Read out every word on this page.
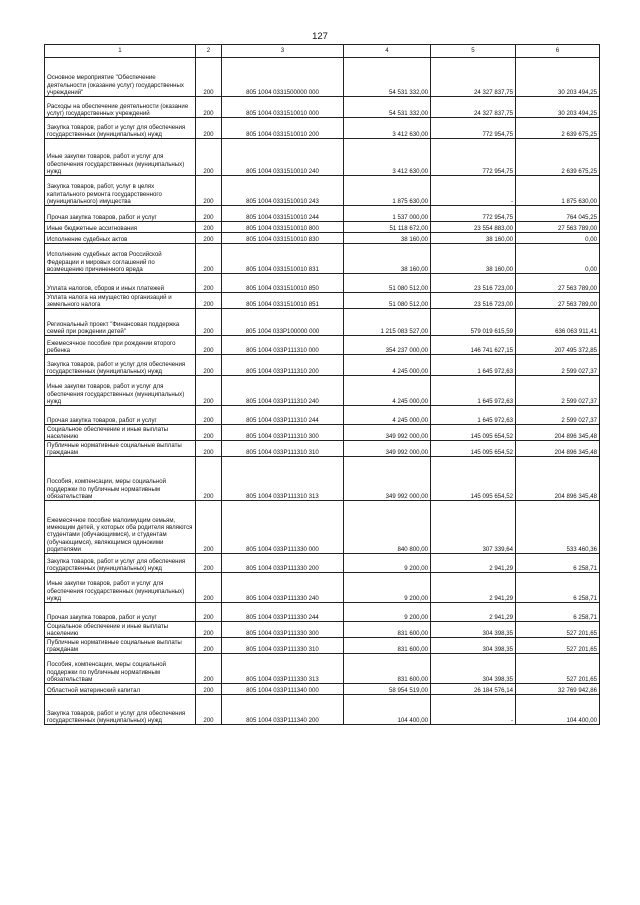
127
1	2	3	4	5	6
Основное мероприятие "Обеспечение деятельности (оказание услуг) государственных учреждений"	200	805 1004 0331500000 000	54 531 332,00	24 327 837,75	30 203 494,25
Расходы на обеспечение деятельности (оказание услуг) государственных учреждений	200	805 1004 0331510010 000	54 531 332,00	24 327 837,75	30 203 494,25
Закупка товаров, работ и услуг для обеспечения государственных (муниципальных) нужд	200	805 1004 0331510010 200	3 412 630,00	772 954,75	2 639 675,25
Иные закупки товаров, работ и услуг для обеспечения государственных (муниципальных) нужд	200	805 1004 0331510010 240	3 412 630,00	772 954,75	2 639 675,25
Закупка товаров, работ, услуг в целях капитального ремонта государственного (муниципального) имущества	200	805 1004 0331510010 243	1 875 630,00	-	1 875 630,00
Прочая закупка товаров, работ и услуг	200	805 1004 0331510010 244	1 537 000,00	772 954,75	764 045,25
Иные бюджетные ассигнования	200	805 1004 0331510010 800	51 118 672,00	23 554 883,00	27 563 789,00
Исполнение судебных актов	200	805 1004 0331510010 830	38 160,00	38 160,00	0,00
Исполнение судебных актов Российской Федерации и мировых соглашений по возмещению причиненного вреда	200	805 1004 0331510010 831	38 160,00	38 160,00	0,00
Уплата налогов, сборов и иных платежей	200	805 1004 0331510010 850	51 080 512,00	23 516 723,00	27 563 789,00
Уплата налога на имущество организаций и земельного налога	200	805 1004 0331510010 851	51 080 512,00	23 516 723,00	27 563 789,00
Региональный проект "Финансовая поддержка семей при рождении детей"	200	805 1004 033P100000 000	1 215 083 527,00	579 019 615,59	636 063 911,41
Ежемесячное пособие при рождении второго ребенка	200	805 1004 033P111310 000	354 237 000,00	146 741 627,15	207 495 372,85
Закупка товаров, работ и услуг для обеспечения государственных (муниципальных) нужд	200	805 1004 033P111310 200	4 245 000,00	1 645 972,63	2 599 027,37
Иные закупки товаров, работ и услуг для обеспечения государственных (муниципальных) нужд	200	805 1004 033P111310 240	4 245 000,00	1 645 972,63	2 599 027,37
Прочая закупка товаров, работ и услуг	200	805 1004 033P111310 244	4 245 000,00	1 645 972,63	2 599 027,37
Социальное обеспечение и иные выплаты населению	200	805 1004 033P111310 300	349 992 000,00	145 095 654,52	204 896 345,48
Публичные нормативные социальные выплаты гражданам	200	805 1004 033P111310 310	349 992 000,00	145 095 654,52	204 896 345,48
Пособия, компенсации, меры социальной поддержки по публичным нормативным обязательствам	200	805 1004 033P111310 313	349 992 000,00	145 095 654,52	204 896 345,48
Ежемесячное пособие малоимущим семьям, имеющим детей, у которых оба родителя являются студентами (обучающимися), и студентам (обучающимся), являющимся одинокими родителями	200	805 1004 033P111330 000	840 800,00	307 339,64	533 460,36
Закупка товаров, работ и услуг для обеспечения государственных (муниципальных) нужд	200	805 1004 033P111330 200	9 200,00	2 941,29	6 258,71
Иные закупки товаров, работ и услуг для обеспечения государственных (муниципальных) нужд	200	805 1004 033P111330 240	9 200,00	2 941,29	6 258,71
Прочая закупка товаров, работ и услуг	200	805 1004 033P111330 244	9 200,00	2 941,29	6 258,71
Социальное обеспечение и иные выплаты населению	200	805 1004 033P111330 300	831 600,00	304 398,35	527 201,65
Публичные нормативные социальные выплаты гражданам	200	805 1004 033P111330 310	831 600,00	304 398,35	527 201,65
Пособия, компенсации, меры социальной поддержки по публичным нормативным обязательствам	200	805 1004 033P111330 313	831 600,00	304 398,35	527 201,65
Областной материнский капитал	200	805 1004 033P111340 000	58 954 519,00	26 184 576,14	32 769 942,86
Закупка товаров, работ и услуг для обеспечения государственных (муниципальных) нужд	200	805 1004 033P111340 200	104 400,00	-	104 400,00
